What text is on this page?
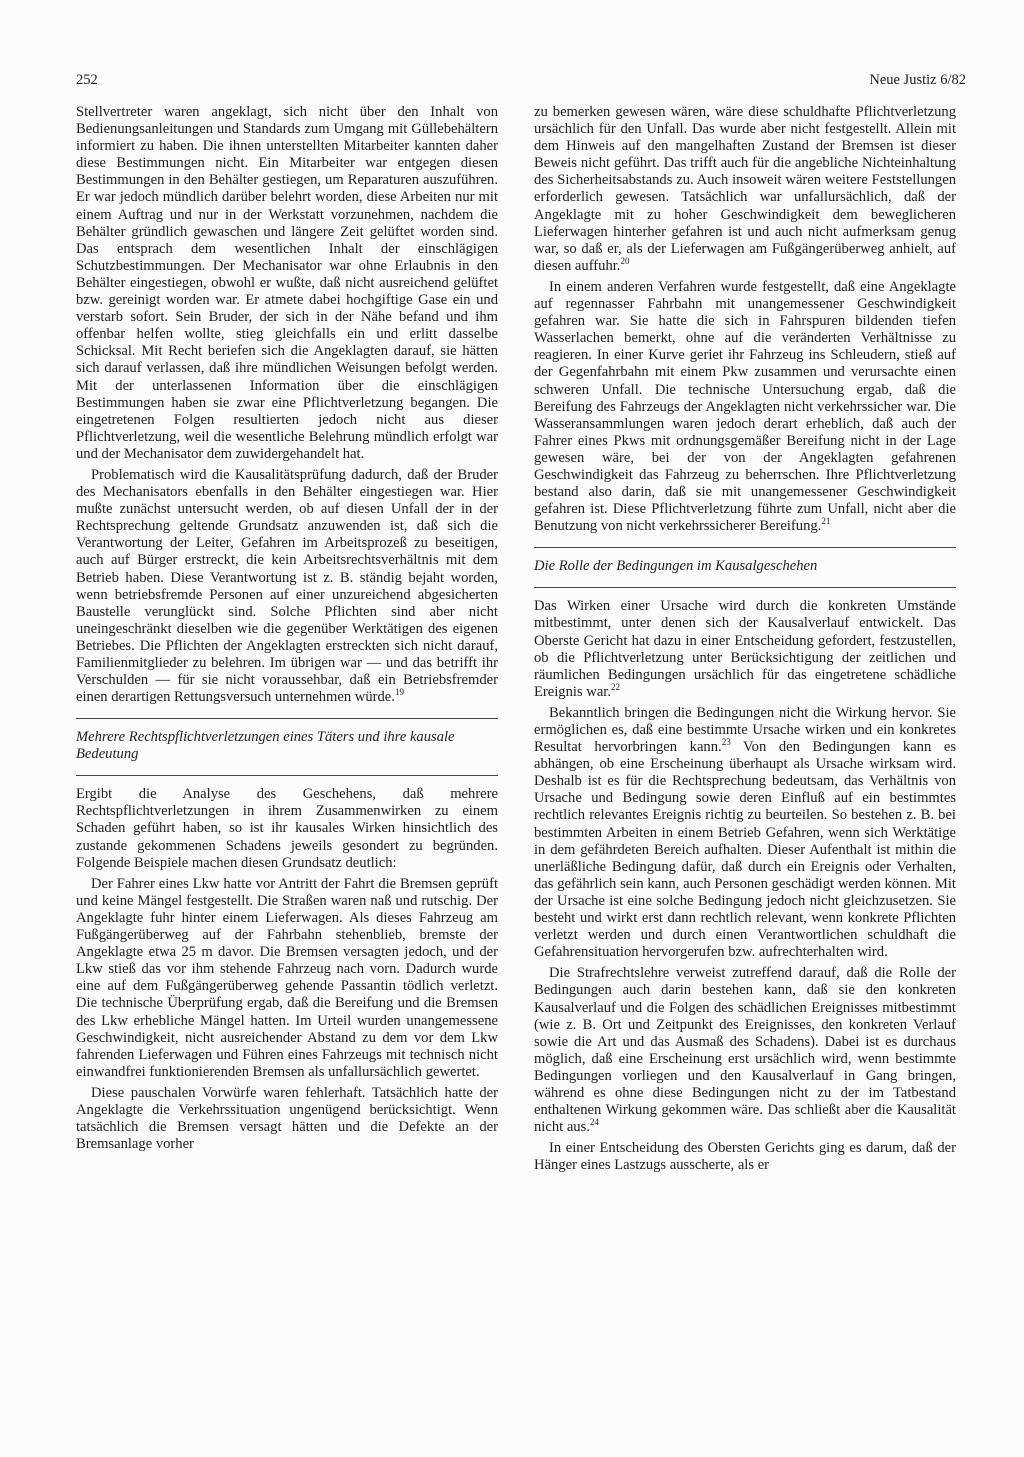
252	Neue Justiz 6/82

Stellvertreter waren angeklagt, sich nicht über den Inhalt von Bedienungsanleitungen und Standards zum Umgang mit Güllebehältern informiert zu haben. Die ihnen unterstellten Mitarbeiter kannten daher diese Bestimmungen nicht. Ein Mitarbeiter war entgegen diesen Bestimmungen in den Behälter gestiegen, um Reparaturen auszuführen. Er war jedoch mündlich darüber belehrt worden, diese Arbeiten nur mit einem Auftrag und nur in der Werkstatt vorzunehmen, nachdem die Behälter gründlich gewaschen und längere Zeit gelüftet worden sind. Das entsprach dem wesentlichen Inhalt der einschlägigen Schutzbestimmungen. Der Mechanisator war ohne Erlaubnis in den Behälter eingestiegen, obwohl er wußte, daß nicht ausreichend gelüftet bzw. gereinigt worden war. Er atmete dabei hochgiftige Gase ein und verstarb sofort. Sein Bruder, der sich in der Nähe befand und ihm offenbar helfen wollte, stieg gleichfalls ein und erlitt dasselbe Schicksal. Mit Recht beriefen sich die Angeklagten darauf, sie hätten sich darauf verlassen, daß ihre mündlichen Weisungen befolgt werden. Mit der unterlassenen Information über die einschlägigen Bestimmungen haben sie zwar eine Pflichtverletzung begangen. Die eingetretenen Folgen resultierten jedoch nicht aus dieser Pflichtverletzung, weil die wesentliche Belehrung mündlich erfolgt war und der Mechanisator dem zuwidergehandelt hat.

Problematisch wird die Kausalitätsprüfung dadurch, daß der Bruder des Mechanisators ebenfalls in den Behälter eingestiegen war. Hier mußte zunächst untersucht werden, ob auf diesen Unfall der in der Rechtsprechung geltende Grundsatz anzuwenden ist, daß sich die Verantwortung der Leiter, Gefahren im Arbeitsprozeß zu beseitigen, auch auf Bürger erstreckt, die kein Arbeitsrechtsverhältnis mit dem Betrieb haben. Diese Verantwortung ist z. B. ständig bejaht worden, wenn betriebsfremde Personen auf einer unzureichend abgesicherten Baustelle verunglückt sind. Solche Pflichten sind aber nicht uneingeschränkt dieselben wie die gegenüber Werktätigen des eigenen Betriebes. Die Pflichten der Angeklagten erstreckten sich nicht darauf, Familienmitglieder zu belehren. Im übrigen war — und das betrifft ihr Verschulden — für sie nicht voraussehbar, daß ein Betriebsfremder einen derartigen Rettungsversuch unternehmen würde.$^{19}$

Mehrere Rechtspflichtverletzungen eines Täters und ihre kausale Bedeutung

Ergibt die Analyse des Geschehens, daß mehrere Rechtspflichtverletzungen in ihrem Zusammenwirken zu einem Schaden geführt haben, so ist ihr kausales Wirken hinsichtlich des zustande gekommenen Schadens jeweils gesondert zu begründen. Folgende Beispiele machen diesen Grundsatz deutlich:

Der Fahrer eines Lkw hatte vor Antritt der Fahrt die Bremsen geprüft und keine Mängel festgestellt. Die Straßen waren naß und rutschig. Der Angeklagte fuhr hinter einem Lieferwagen. Als dieses Fahrzeug am Fußgängerüberweg auf der Fahrbahn stehenblieb, bremste der Angeklagte etwa 25 m davor. Die Bremsen versagten jedoch, und der Lkw stieß das vor ihm stehende Fahrzeug nach vorn. Dadurch wurde eine auf dem Fußgängerüberweg gehende Passantin tödlich verletzt. Die technische Überprüfung ergab, daß die Bereifung und die Bremsen des Lkw erhebliche Mängel hatten. Im Urteil wurden unangemessene Geschwindigkeit, nicht ausreichender Abstand zu dem vor dem Lkw fahrenden Lieferwagen und Führen eines Fahrzeugs mit technisch nicht einwandfrei funktionierenden Bremsen als unfallursächlich gewertet.

Diese pauschalen Vorwürfe waren fehlerhaft. Tatsächlich hatte der Angeklagte die Verkehrssituation ungenügend berücksichtigt. Wenn tatsächlich die Bremsen versagt hätten und die Defekte an der Bremsanlage vorher

zu bemerken gewesen wären, wäre diese schuldhafte Pflichtverletzung ursächlich für den Unfall. Das wurde aber nicht festgestellt. Allein mit dem Hinweis auf den mangelhaften Zustand der Bremsen ist dieser Beweis nicht geführt. Das trifft auch für die angebliche Nichteinhaltung des Sicherheitsabstands zu. Auch insoweit wären weitere Feststellungen erforderlich gewesen. Tatsächlich war unfallursächlich, daß der Angeklagte mit zu hoher Geschwindigkeit dem beweglicheren Lieferwagen hinterher gefahren ist und auch nicht aufmerksam genug war, so daß er, als der Lieferwagen am Fußgängerüberweg anhielt, auf diesen auffuhr.$^{20}$

In einem anderen Verfahren wurde festgestellt, daß eine Angeklagte auf regennasser Fahrbahn mit unangemessener Geschwindigkeit gefahren war. Sie hatte die sich in Fahrspuren bildenden tiefen Wasserlachen bemerkt, ohne auf die veränderten Verhältnisse zu reagieren. In einer Kurve geriet ihr Fahrzeug ins Schleudern, stieß auf der Gegenfahrbahn mit einem Pkw zusammen und verursachte einen schweren Unfall. Die technische Untersuchung ergab, daß die Bereifung des Fahrzeugs der Angeklagten nicht verkehrssicher war. Die Wasseransammlungen waren jedoch derart erheblich, daß auch der Fahrer eines Pkws mit ordnungsgemäßer Bereifung nicht in der Lage gewesen wäre, bei der von der Angeklagten gefahrenen Geschwindigkeit das Fahrzeug zu beherrschen. Ihre Pflichtverletzung bestand also darin, daß sie mit unangemessener Geschwindigkeit gefahren ist. Diese Pflichtverletzung führte zum Unfall, nicht aber die Benutzung von nicht verkehrssicherer Bereifung.$^{21}$

Die Rolle der Bedingungen im Kausalgeschehen

Das Wirken einer Ursache wird durch die konkreten Umstände mitbestimmt, unter denen sich der Kausalverlauf entwickelt. Das Oberste Gericht hat dazu in einer Entscheidung gefordert, festzustellen, ob die Pflichtverletzung unter Berücksichtigung der zeitlichen und räumlichen Bedingungen ursächlich für das eingetretene schädliche Ereignis war.$^{22}$

Bekanntlich bringen die Bedingungen nicht die Wirkung hervor. Sie ermöglichen es, daß eine bestimmte Ursache wirken und ein konkretes Resultat hervorbringen kann.$^{23}$ Von den Bedingungen kann es abhängen, ob eine Erscheinung überhaupt als Ursache wirksam wird. Deshalb ist es für die Rechtsprechung bedeutsam, das Verhältnis von Ursache und Bedingung sowie deren Einfluß auf ein bestimmtes rechtlich relevantes Ereignis richtig zu beurteilen. So bestehen z. B. bei bestimmten Arbeiten in einem Betrieb Gefahren, wenn sich Werktätige in dem gefährdeten Bereich aufhalten. Dieser Aufenthalt ist mithin die unerläßliche Bedingung dafür, daß durch ein Ereignis oder Verhalten, das gefährlich sein kann, auch Personen geschädigt werden können. Mit der Ursache ist eine solche Bedingung jedoch nicht gleichzusetzen. Sie besteht und wirkt erst dann rechtlich relevant, wenn konkrete Pflichten verletzt werden und durch einen Verantwortlichen schuldhaft die Gefahrensituation hervorgerufen bzw. aufrechterhalten wird.

Die Strafrechtslehre verweist zutreffend darauf, daß die Rolle der Bedingungen auch darin bestehen kann, daß sie den konkreten Kausalverlauf und die Folgen des schädlichen Ereignisses mitbestimmt (wie z. B. Ort und Zeitpunkt des Ereignisses, den konkreten Verlauf sowie die Art und das Ausmaß des Schadens). Dabei ist es durchaus möglich, daß eine Erscheinung erst ursächlich wird, wenn bestimmte Bedingungen vorliegen und den Kausalverlauf in Gang bringen, während es ohne diese Bedingungen nicht zu der im Tatbestand enthaltenen Wirkung gekommen wäre. Das schließt aber die Kausalität nicht aus.$^{24}$

In einer Entscheidung des Obersten Gerichts ging es darum, daß der Hänger eines Lastzugs ausscherte, als er
